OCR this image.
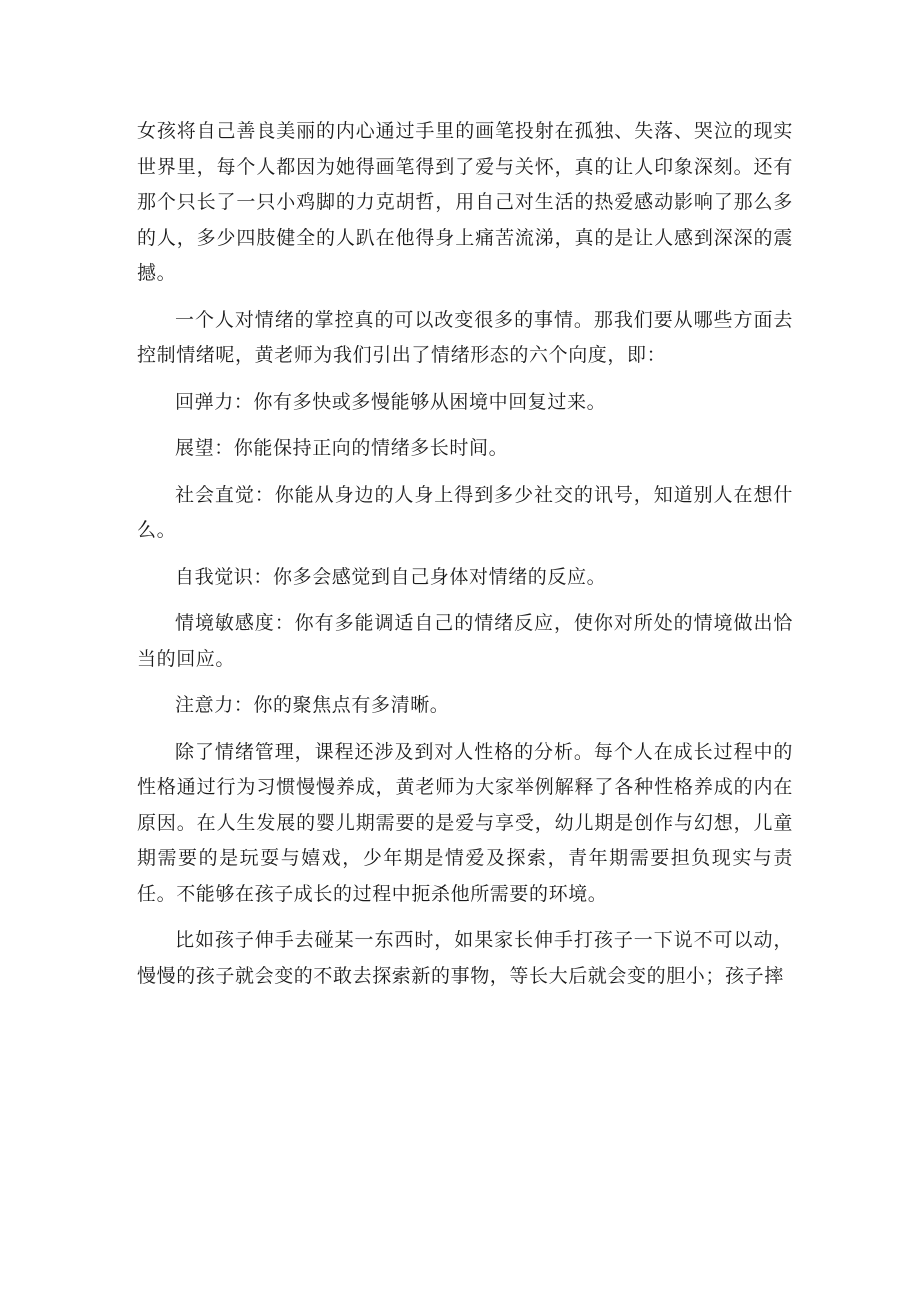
女孩将自己善良美丽的内心通过手里的画笔投射在孤独、失落、哭泣的现实世界里，每个人都因为她得画笔得到了爱与关怀，真的让人印象深刻。还有那个只长了一只小鸡脚的力克胡哲，用自己对生活的热爱感动影响了那么多的人，多少四肢健全的人趴在他得身上痛苦流涕，真的是让人感到深深的震撼。

一个人对情绪的掌控真的可以改变很多的事情。那我们要从哪些方面去控制情绪呢，黄老师为我们引出了情绪形态的六个向度，即：

回弹力：你有多快或多慢能够从困境中回复过来。

展望：你能保持正向的情绪多长时间。

社会直觉：你能从身边的人身上得到多少社交的讯号，知道别人在想什么。

自我觉识：你多会感觉到自己身体对情绪的反应。

情境敏感度：你有多能调适自己的情绪反应，使你对所处的情境做出恰当的回应。

注意力：你的聚焦点有多清晰。

除了情绪管理，课程还涉及到对人性格的分析。每个人在成长过程中的性格通过行为习惯慢慢养成，黄老师为大家举例解释了各种性格养成的内在原因。在人生发展的婴儿期需要的是爱与享受，幼儿期是创作与幻想，儿童期需要的是玩耍与嬉戏，少年期是情爱及探索，青年期需要担负现实与责任。不能够在孩子成长的过程中扼杀他所需要的环境。

比如孩子伸手去碰某一东西时，如果家长伸手打孩子一下说不可以动，慢慢的孩子就会变的不敢去探索新的事物，等长大后就会变的胆小；孩子摔
